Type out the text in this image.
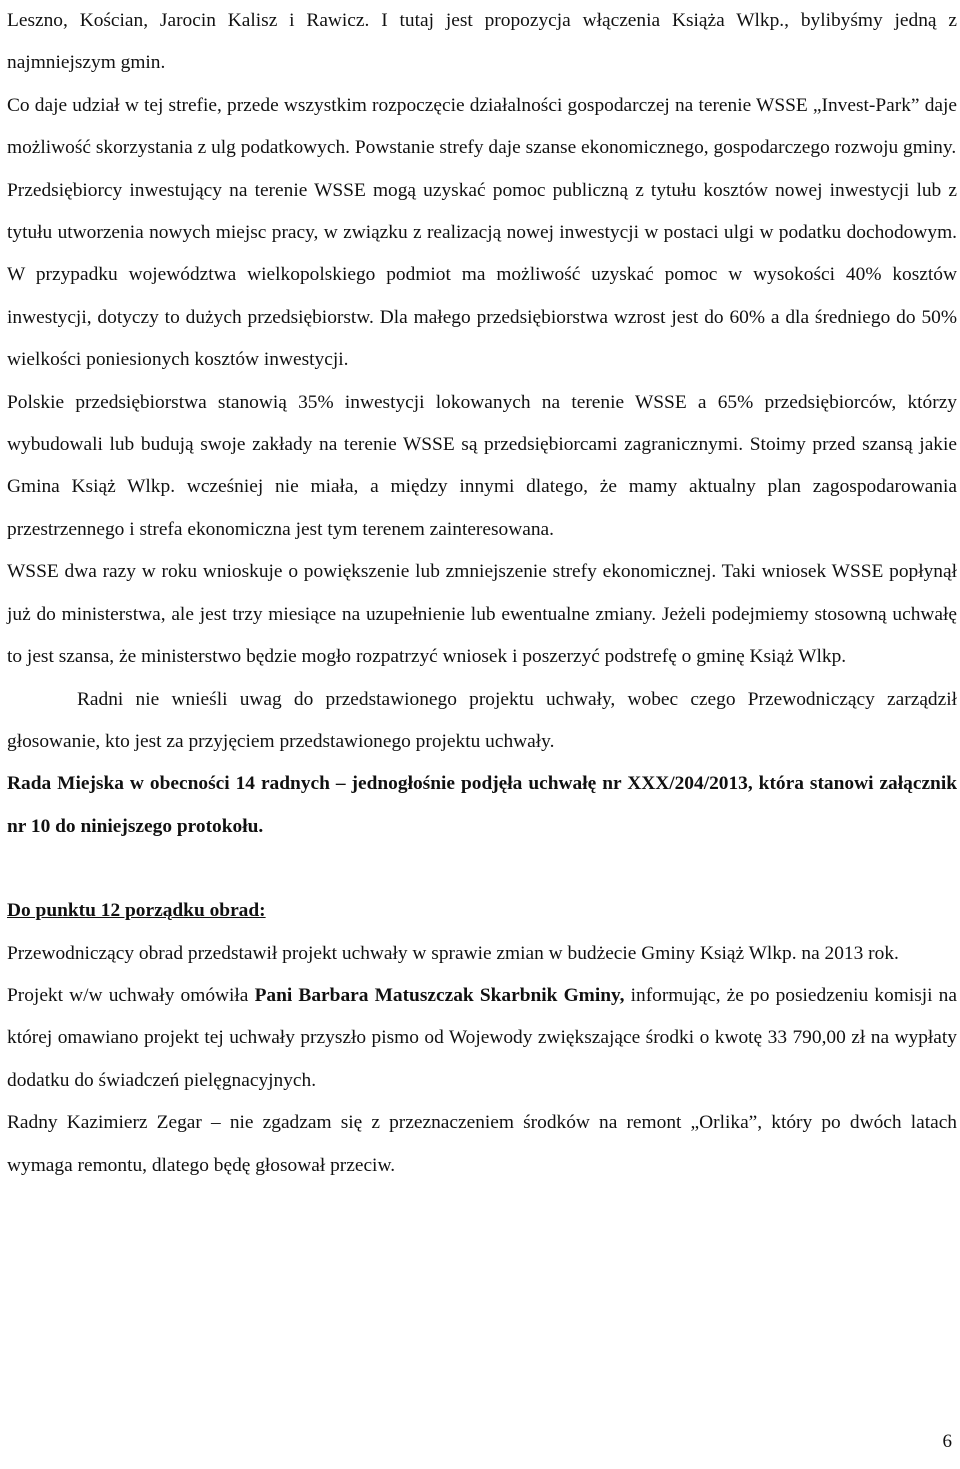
Leszno, Kościan, Jarocin Kalisz i Rawicz. I tutaj jest propozycja włączenia Książa Wlkp., bylibyśmy jedną z najmniejszym gmin.

Co daje udział w tej strefie, przede wszystkim rozpoczęcie działalności gospodarczej na terenie WSSE „Invest-Park” daje możliwość skorzystania z ulg podatkowych. Powstanie strefy daje szanse ekonomicznego, gospodarczego rozwoju gminy.

Przedsiębiorcy inwestujący na terenie WSSE mogą uzyskać pomoc publiczną z tytułu kosztów nowej inwestycji lub z tytułu utworzenia nowych miejsc pracy, w związku z realizacją nowej inwestycji w postaci ulgi w podatku dochodowym. W przypadku województwa wielkopolskiego podmiot ma możliwość uzyskać pomoc w wysokości 40% kosztów inwestycji, dotyczy to dużych przedsiębiorstw. Dla małego przedsiębiorstwa wzrost jest do 60% a dla średniego do 50% wielkości poniesionych kosztów inwestycji.

Polskie przedsiębiorstwa stanowią 35% inwestycji lokowanych na terenie WSSE a 65% przedsiębiorców, którzy wybudowali lub budują swoje zakłady na terenie WSSE są przedsiębiorcami zagranicznymi. Stoimy przed szansą jakie Gmina Książ Wlkp. wcześniej nie miała, a między innymi dlatego, że mamy aktualny plan zagospodarowania przestrzennego i strefa ekonomiczna jest tym terenem zainteresowana.

WSSE dwa razy w roku wnioskuje o powiększenie lub zmniejszenie strefy ekonomicznej. Taki wniosek WSSE popłynął już do ministerstwa, ale jest trzy miesiące na uzupełnienie lub ewentualne zmiany. Jeżeli podejmiemy stosowną uchwałę to jest szansa, że ministerstwo będzie mogło rozpatrzyć wniosek i poszerzyć podstrefę o gminę Książ Wlkp.

Radni nie wnieśli uwag do przedstawionego projektu uchwały, wobec czego Przewodniczący zarządził głosowanie, kto jest za przyjęciem przedstawionego projektu uchwały.

Rada Miejska w obecności 14 radnych – jednogłośnie podjęła uchwałę nr XXX/204/2013, która stanowi załącznik nr 10 do niniejszego protokołu.

Do punktu 12 porządku obrad:

Przewodniczący obrad przedstawił projekt uchwały w sprawie zmian w budżecie Gminy Książ Wlkp. na 2013 rok.

Projekt w/w uchwały omówiła Pani Barbara Matuszczak Skarbnik Gminy, informując, że po posiedzeniu komisji na której omawiano projekt tej uchwały przyszło pismo od Wojewody zwiększające środki o kwotę 33 790,00 zł na wypłaty dodatku do świadczeń pielęgnacyjnych.

Radny Kazimierz Zegar – nie zgadzam się z przeznaczeniem środków na remont „Orlika”, który po dwóch latach wymaga remontu, dlatego będę głosował przeciw.

6
